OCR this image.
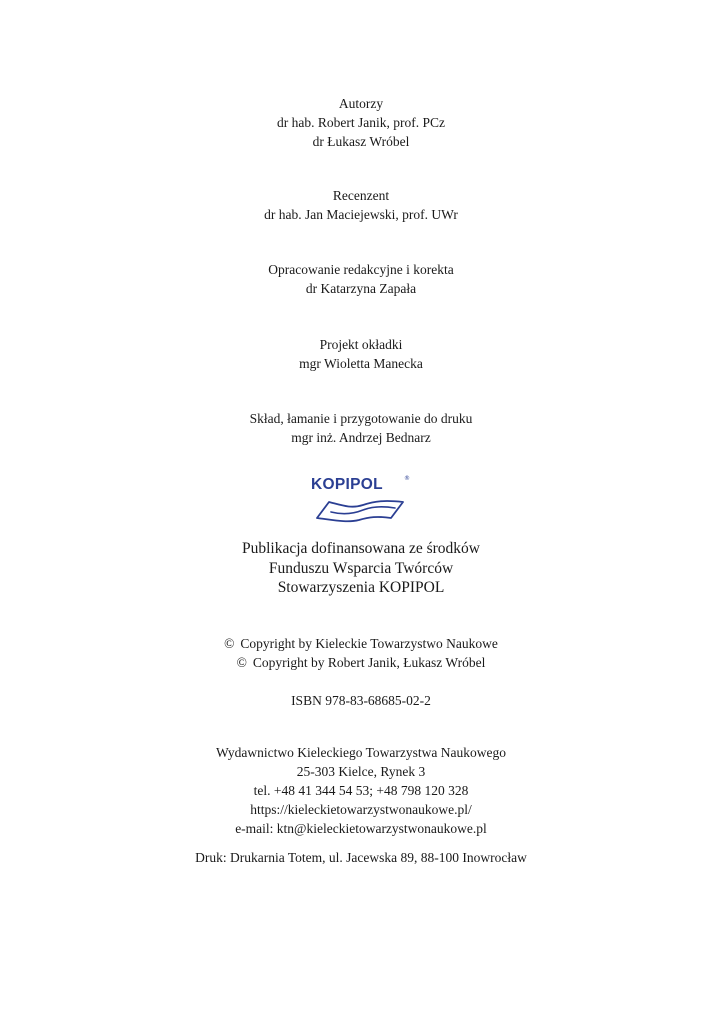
Autorzy
dr hab. Robert Janik, prof. PCz
dr Łukasz Wróbel
Recenzent
dr hab. Jan Maciejewski, prof. UWr
Opracowanie redakcyjne i korekta
dr Katarzyna Zapała
Projekt okładki
mgr Wioletta Manecka
Skład, łamanie i przygotowanie do druku
mgr inż. Andrzej Bednarz
KOPIPOL	®
Publikacja dofinansowana ze środków
Funduszu Wsparcia Twórców
Stowarzyszenia KOPIPOL
© Copyright by Kieleckie Towarzystwo Naukowe
© Copyright by Robert Janik, Łukasz Wróbel
ISBN 978-83-68685-02-2
Wydawnictwo Kieleckiego Towarzystwa Naukowego
25-303 Kielce, Rynek 3
tel. +48 41 344 54 53; +48 798 120 328
https://kieleckietowarzystwonaukowe.pl/
e-mail: ktn@kieleckietowarzystwonaukowe.pl
Druk: Drukarnia Totem, ul. Jacewska 89, 88-100 Inowrocław
